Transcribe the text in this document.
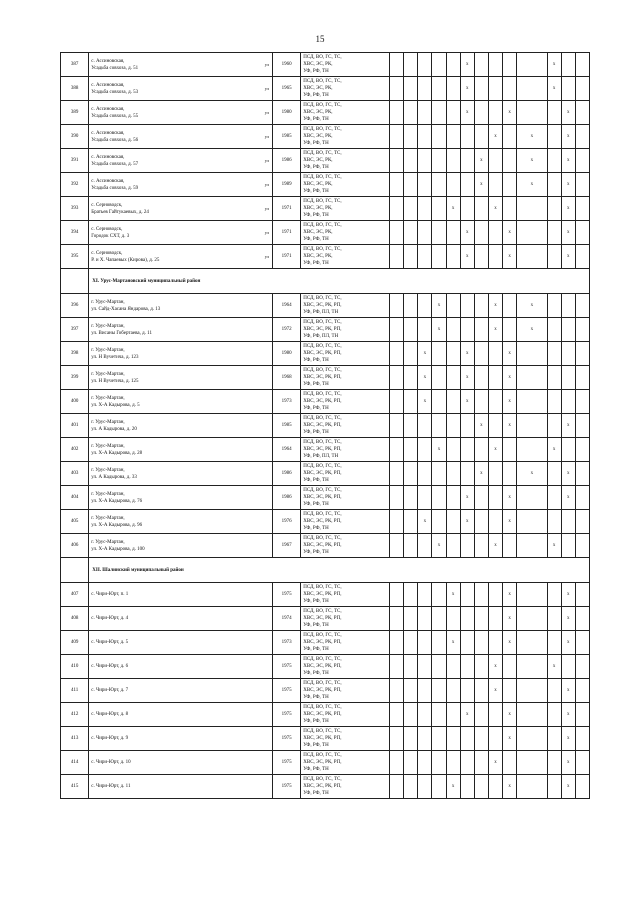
15
387	с. Ассиновская,
Усадьба совхоза, д. 51
ул	1960	ПСД, ВО, ГС, ТС,
ХВС, ЭС, РК,
УФ, РФ, ТН						х					х		
388	с. Ассиновская,
Усадьба совхоза, д. 53
ул	1965	ПСД, ВО, ГС, ТС,
ХВС, ЭС, РК,
УФ, РФ, ТН						х					х		
389	с. Ассиновская,
Усадьба совхоза, д. 55
ул	1980	ПСД, ВО, ГС, ТС,
ХВС, ЭС, РК,
УФ, РФ, ТН						х			х			х	
390	с. Ассиновская,
Усадьба совхоза, д. 56
ул	1985	ПСД, ВО, ГС, ТС,
ХВС, ЭС, РК,
УФ, РФ, ТН								х		х		х	
391	с. Ассиновская,
Усадьба совхоза, д. 57
ул	1986	ПСД, ВО, ГС, ТС,
ХВС, ЭС, РК,
УФ, РФ, ТН							х			х		х	
392	с. Ассиновская,
Усадьба совхоза, д. 59
ул	1989	ПСД, ВО, ГС, ТС,
ХВС, ЭС, РК,
УФ, РФ, ТН							х			х		х	
393	с. Серноводск,
Братьев Гайтукаевых, д. 24
ул	1971	ПСД, ВО, ГС, ТС,
ХВС, ЭС, РК,
УФ, РФ, ТН					х			х				х	
394	с. Серноводск,
Городок СХТ, д. 3
ул	1971	ПСД, ВО, ГС, ТС,
ХВС, ЭС, РК,
УФ, РФ, ТН						х			х			х	
395	с. Серноводск,
Р. и Х. Чапаевых (Кирова), д. 25
ул	1971	ПСД, ВО, ГС, ТС,
ХВС, ЭС, РК,
УФ, РФ, ТН						х			х			х	
	XI. Урус-Мартановский муниципальный район															
396	г. Урус-Мартан,
ул. Сайд-Хасана Яндарова, д. 13	1964	ПСД, ВО, ГС, ТС,
ХВС, ЭС, РК, РП,
УФ, РФ, ПЛ, ТН				х				х		х			
397	г. Урус-Мартан,
ул. Висаны Гобертаева, д. 11	1972	ПСД, ВО, ГС, ТС,
ХВС, ЭС, РК, РП,
УФ, РФ, ПЛ, ТН				х				х		х			
398	г. Урус-Мартан,
ул. Н Вучетича, д. 123	1980	ПСД, ВО, ГС, ТС,
ХВС, ЭС, РК, РП,
УФ, РФ, ТН			х			х			х				
399	г. Урус-Мартан,
ул. Н Вучетича, д. 125	1968	ПСД, ВО, ГС, ТС,
ХВС, ЭС, РК, РП,
УФ, РФ, ТН			х			х			х				
400	г. Урус-Мартан,
ул. Х-А Кадырова, д. 5	1973	ПСД, ВО, ГС, ТС,
ХВС, ЭС, РК, РП,
УФ, РФ, ТН			х			х			х				
401	г. Урус-Мартан,
ул. А Кадырова, д. 20	1985	ПСД, ВО, ГС, ТС,
ХВС, ЭС, РК, РП,
УФ, РФ, ТН							х		х			х	
402	г. Урус-Мартан,
ул. Х-А Кадырова, д. 28	1964	ПСД, ВО, ГС, ТС,
ХВС, ЭС, РК, РП,
УФ, РФ, ПЛ, ТН				х				х			х		
403	г. Урус-Мартан,
ул. А Кадырова, д. 33	1986	ПСД, ВО, ГС, ТС,
ХВС, ЭС, РК, РП,
УФ, РФ, ТН							х			х		х	
404	г. Урус-Мартан,
ул. Х-А Кадырова, д. 76	1986	ПСД, ВО, ГС, ТС,
ХВС, ЭС, РК, РП,
УФ, РФ, ТН						х			х			х	
405	г. Урус-Мартан,
ул. Х-А Кадырова, д. 96	1976	ПСД, ВО, ГС, ТС,
ХВС, ЭС, РК, РП,
УФ, РФ, ТН			х			х			х				
406	г. Урус-Мартан,
ул. Х-А Кадырова, д. 100	1967	ПСД, ВО, ГС, ТС,
ХВС, ЭС, РК, РП,
УФ, РФ, ТН				х				х			х		
	XII. Шалинский муниципальный район															
407	с. Чири-Юрт, п. 1	1975	ПСД, ВО, ГС, ТС,
ХВС, ЭС, РК, РП,
УФ, РФ, ТН					х				х			х	
408	с. Чири-Юрт, д. 4	1974	ПСД, ВО, ГС, ТС,
ХВС, ЭС, РК, РП,
УФ, РФ, ТН									х			х	
409	с. Чири-Юрт, д. 5	1973	ПСД, ВО, ГС, ТС,
ХВС, ЭС, РК, РП,
УФ, РФ, ТН					х				х			х	
410	с. Чири-Юрт, д. 6	1975	ПСД, ВО, ГС, ТС,
ХВС, ЭС, РК, РП,
УФ, РФ, ТН								х			х		
411	с. Чири-Юрт, д. 7	1975	ПСД, ВО, ГС, ТС,
ХВС, ЭС, РК, РП,
УФ, РФ, ТН								х				х	
412	с. Чири-Юрт, д. 8	1975	ПСД, ВО, ГС, ТС,
ХВС, ЭС, РК, РП,
УФ, РФ, ТН						х			х			х	
413	с. Чири-Юрт, д. 9	1975	ПСД, ВО, ГС, ТС,
ХВС, ЭС, РК, РП,
УФ, РФ, ТН									х			х	
414	с. Чири-Юрт, д. 10	1975	ПСД, ВО, ГС, ТС,
ХВС, ЭС, РК, РП,
УФ, РФ, ТН								х				х	
415	с. Чири-Юрт, д. 11	1975	ПСД, ВО, ГС, ТС,
ХВС, ЭС, РК, РП,
УФ, РФ, ТН					х				х			х	
